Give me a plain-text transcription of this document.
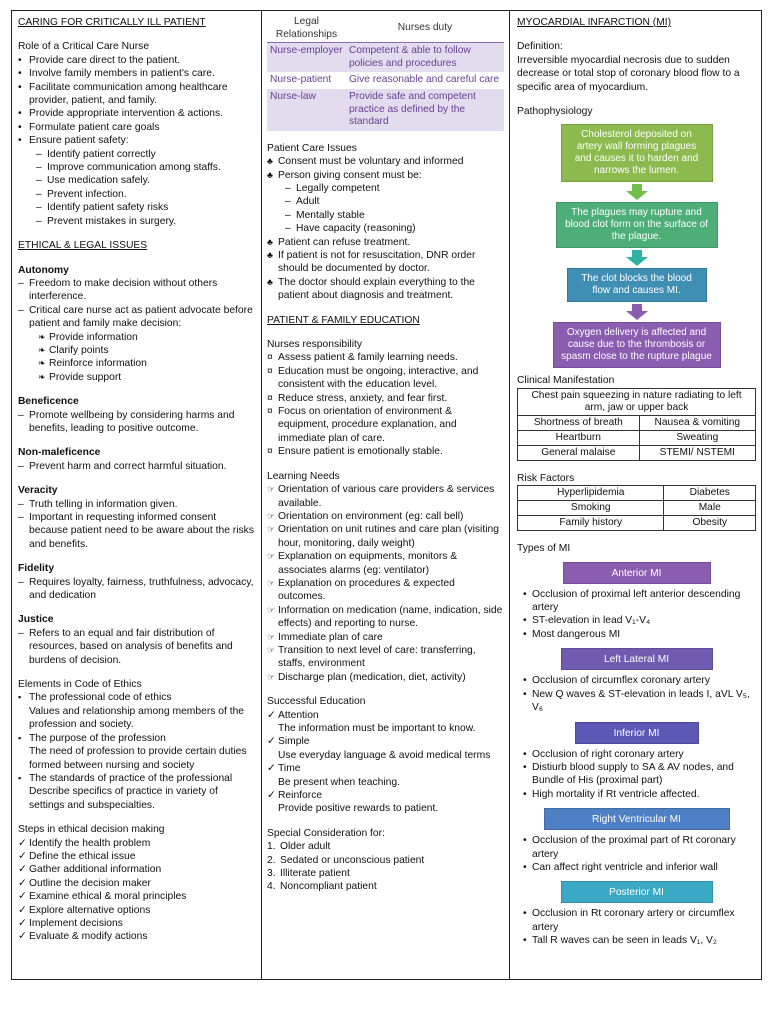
CARING FOR CRITICALLY ILL PATIENT
Role of a Critical Care Nurse
• Provide care direct to the patient.
• Involve family members in patient’s care.
• Facilitate communication among healthcare provider, patient, and family.
• Provide appropriate intervention & actions.
• Formulate patient care goals
• Ensure patient safety:
– Identify patient correctly
– Improve communication among staffs.
– Use medication safely.
– Prevent infection.
– Identify patient safety risks
– Prevent mistakes in surgery.
ETHICAL & LEGAL ISSUES
Autonomy
– Freedom to make decision without others interference.
– Critical care nurse act as patient advocate before patient and family make decision:
❧ Provide information
❧ Clarify points
❧ Reinforce information
❧ Provide support
Beneficence
– Promote wellbeing by considering harms and benefits, leading to positive outcome.
Non-maleficence
– Prevent harm and correct harmful situation.
Veracity
– Truth telling in information given.
– Important in requesting informed consent because patient need to be aware about the risks and benefits.
Fidelity
– Requires loyalty, fairness, truthfulness, advocacy, and dedication
Justice
– Refers to an equal and fair distribution of resources, based on analysis of benefits and burdens of decision.
Elements in Code of Ethics
▪ The professional code of ethics
Values and relationship among members of the profession and society.
▪ The purpose of the profession
The need of profession to provide certain duties formed between nursing and society
▪ The standards of practice of the professional
Describe specifics of practice in variety of settings and subspecialties.
Steps in ethical decision making
✓ Identify the health problem
✓ Define the ethical issue
✓ Gather additional information
✓ Outline the decision maker
✓ Examine ethical & moral principles
✓ Explore alternative options
✓ Implement decisions
✓ Evaluate & modify actions
Legal Relationships	Nurses duty
Nurse-employer	Competent & able to follow policies and procedures
Nurse-patient	Give reasonable and careful care
Nurse-law	Provide safe and competent practice as defined by the standard
Patient Care Issues
♣ Consent must be voluntary and informed
♣ Person giving consent must be:
– Legally competent
– Adult
– Mentally stable
– Have capacity (reasoning)
♣ Patient can refuse treatment.
♣ If patient is not for resuscitation, DNR order should be documented by doctor.
♣ The doctor should explain everything to the patient about diagnosis and treatment.
PATIENT & FAMILY EDUCATION
Nurses responsibility
¤ Assess patient & family learning needs.
¤ Education must be ongoing, interactive, and consistent with the education level.
¤ Reduce stress, anxiety, and fear first.
¤ Focus on orientation of environment & equipment, procedure explanation, and immediate plan of care.
¤ Ensure patient is emotionally stable.
Learning Needs
☞ Orientation of various care providers & services available.
☞ Orientation on environment (eg: call bell)
☞ Orientation on unit rutines and care plan (visiting hour, monitoring, daily weight)
☞ Explanation on equipments, monitors & associates alarms (eg: ventilator)
☞ Explanation on procedures & expected outcomes.
☞ Information on medication (name, indication, side effects) and reporting to nurse.
☞ Immediate plan of care
☞ Transition to next level of care: transferring, staffs, environment
☞ Discharge plan (medication, diet, activity)
Successful Education
✓ Attention
The information must be important to know.
✓ Simple
Use everyday language & avoid medical terms
✓ Time
Be present when teaching.
✓ Reinforce
Provide positive rewards to patient.
Special Consideration for:
Older adult
Sedated or unconscious patient
Illiterate patient
Noncompliant patient
MYOCARDIAL INFARCTION (MI)
Definition:
Irreversible myocardial necrosis due to sudden decrease or total stop of coronary blood flow to a specific area of myocardium.
Pathophysiology
Cholesterol deposited on artery wall forming plagues and causes it to harden and narrows the lumen.
The plagues may rupture and blood clot form on the surface of the plague.
The clot blocks the blood flow and causes MI.
Oxygen delivery is affected and cause due to the thrombosis or spasm close to the rupture plague
Clinical Manifestation
Chest pain squeezing in nature radiating to left arm, jaw or upper back	
Shortness of breath	Nausea & vomiting
Heartburn	Sweating
General malaise	STEMI/ NSTEMI
Risk Factors
Hyperlipidemia	Diabetes
Smoking	Male
Family history	Obesity
Types of MI
Anterior MI
• Occlusion of proximal left anterior descending artery
• ST-elevation in lead V₁-V₄
• Most dangerous MI
Left Lateral MI
• Occlusion of circumflex coronary artery
• New Q waves & ST-elevation in leads I, aVL V₅, V₆
Inferior MI
• Occlusion of right coronary artery
• Distiurb blood supply to SA & AV nodes, and Bundle of His (proximal part)
• High mortality if Rt ventricle affected.
Right Ventricular MI
• Occlusion of the proximal part of Rt coronary artery
• Can affect right ventricle and inferior wall
Posterior MI
• Occlusion in Rt coronary artery or circumflex artery
• Tall R waves can be seen in leads V₁, V₂
